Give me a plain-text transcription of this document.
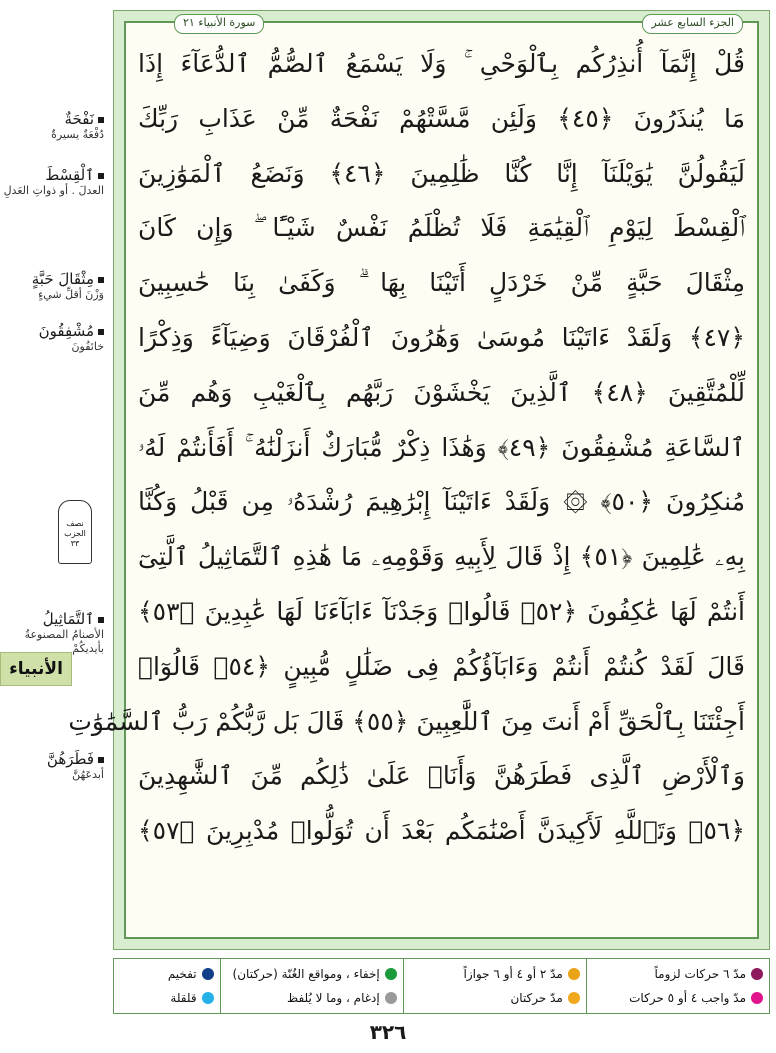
الجزء السابع عشر
سورة الأنبياء ٢١
قُلْ إِنَّمَآ أُنذِرُكُم بِٱلْوَحْىِ ۚ وَلَا يَسْمَعُ ٱلصُّمُّ ٱلدُّعَآءَ إِذَا
مَا يُنذَرُونَ ﴿٤٥﴾ وَلَئِن مَّسَّتْهُمْ نَفْحَةٌ مِّنْ عَذَابِ رَبِّكَ
لَيَقُولُنَّ يَٰوَيْلَنَآ إِنَّا كُنَّا ظَٰلِمِينَ ﴿٤٦﴾ وَنَضَعُ ٱلْمَوَٰزِينَ
ٱلْقِسْطَ لِيَوْمِ ٱلْقِيَٰمَةِ فَلَا تُظْلَمُ نَفْسٌ شَيْـًٔا ۖ وَإِن كَانَ
مِثْقَالَ حَبَّةٍ مِّنْ خَرْدَلٍ أَتَيْنَا بِهَا ۗ وَكَفَىٰ بِنَا حَٰسِبِينَ
﴿٤٧﴾ وَلَقَدْ ءَاتَيْنَا مُوسَىٰ وَهَٰرُونَ ٱلْفُرْقَانَ وَضِيَآءً وَذِكْرًا
لِّلْمُتَّقِينَ ﴿٤٨﴾ ٱلَّذِينَ يَخْشَوْنَ رَبَّهُم بِٱلْغَيْبِ وَهُم مِّنَ
ٱلسَّاعَةِ مُشْفِقُونَ ﴿٤٩﴾ وَهَٰذَا ذِكْرٌ مُّبَارَكٌ أَنزَلْنَٰهُ ۚ أَفَأَنتُمْ لَهُۥ
مُنكِرُونَ ﴿٥٠﴾ ۞ وَلَقَدْ ءَاتَيْنَآ إِبْرَٰهِيمَ رُشْدَهُۥ مِن قَبْلُ وَكُنَّا
بِهِۦ عَٰلِمِينَ ﴿٥١﴾ إِذْ قَالَ لِأَبِيهِ وَقَوْمِهِۦ مَا هَٰذِهِ ٱلتَّمَاثِيلُ ٱلَّتِىٓ
أَنتُمْ لَهَا عَٰكِفُونَ ﴿٥٢﴾ قَالُوا۟ وَجَدْنَآ ءَابَآءَنَا لَهَا عَٰبِدِينَ ﴿٥٣﴾
قَالَ لَقَدْ كُنتُمْ أَنتُمْ وَءَابَآؤُكُمْ فِى ضَلَٰلٍ مُّبِينٍ ﴿٥٤﴾ قَالُوٓا۟
أَجِئْتَنَا بِٱلْحَقِّ أَمْ أَنتَ مِنَ ٱللَّٰعِبِينَ ﴿٥٥﴾ قَالَ بَل رَّبُّكُمْ رَبُّ ٱلسَّمَٰوَٰتِ
وَٱلْأَرْضِ ٱلَّذِى فَطَرَهُنَّ وَأَنَا۠ عَلَىٰ ذَٰلِكُم مِّنَ ٱلشَّٰهِدِينَ
﴿٥٦﴾ وَتَٱللَّهِ لَأَكِيدَنَّ أَصْنَٰمَكُم بَعْدَ أَن تُوَلُّوا۟ مُدْبِرِينَ ﴿٥٧﴾
نَفْحَةٌ
دُفْعَةٌ يسيرةٌ
ٱلْقِسْطَ
العدلَ . أو ذواتِ العَدلِ
مِثْقَالَ حَبَّةٍ
وَزْنَ أقلِّ شيءٍ
مُشْفِقُونَ
خائفُونَ
ٱلتَّمَاثِيلُ
الأصنامُ المصنوعةُ بأيديكُمْ
فَطَرَهُنَّ
أبدعَهُنَّ
نصف الحزب ٣٣
الأنبياء
مدّ ٦ حركات لزوماً
مدّ واجب ٤ أو ٥ حركات
مدّ ٢ أو ٤ أو ٦ جوازاً
مدّ حركتان
إخفاء ، ومواقع الغُنّة (حركتان)
إدغام ، وما لا يُلفظ
تفخيم
قلقلة
٣٢٦
